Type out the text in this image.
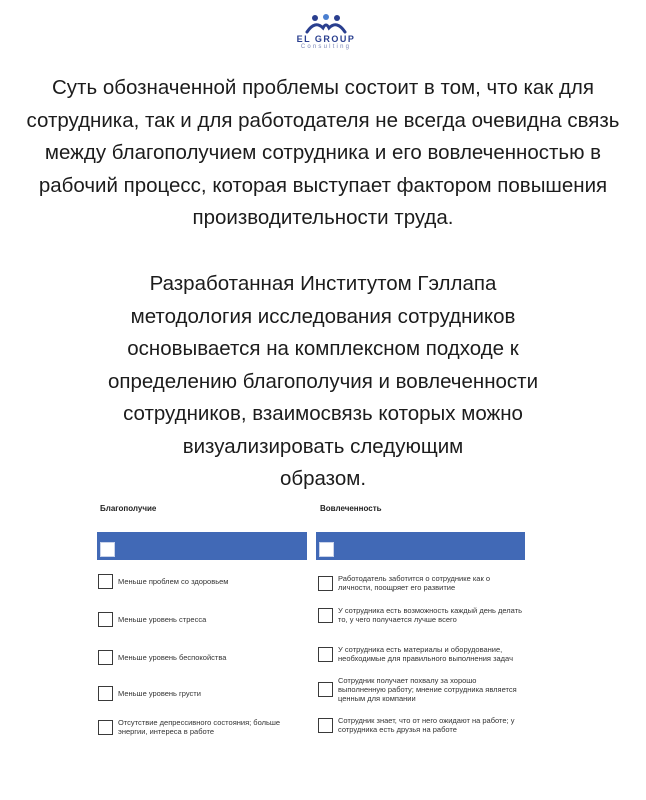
EL GROUP
Consulting
Суть обозначенной проблемы состоит в том, что как для сотрудника, так и для работодателя не всегда очевидна связь между благополучием сотрудника и его вовлеченностью в рабочий процесс, которая выступает фактором повышения производительности труда.
Разработанная Институтом Гэллапа методология исследования сотрудников основывается на комплексном подходе к определению благополучия и вовлеченности сотрудников, взаимосвязь которых можно визуализировать следующим
образом.
Благополучие	Вовлеченность
Меньше проблем со здоровьем
Меньше уровень стресса
Меньше уровень беспокойства
Меньше уровень грусти
Отсутствие депрессивного состояния; больше энергии, интереса в работе
Работодатель заботится о сотруднике как о личности, поощряет его развитие
У сотрудника есть возможность каждый день делать то, у чего получается лучше всего
У сотрудника есть материалы и оборудование, необходимые для правильного выполнения задач
Сотрудник получает похвалу за хорошо выполненную работу; мнение сотрудника является ценным для компании
Сотрудник знает, что от него ожидают на работе; у сотрудника есть друзья на работе
